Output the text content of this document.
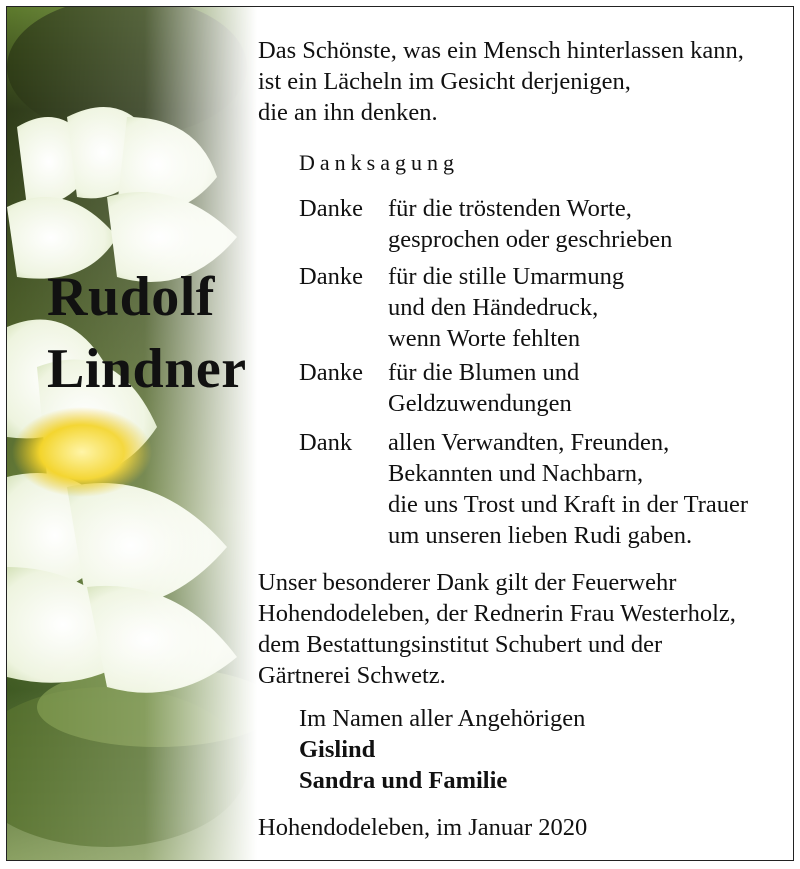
Rudolf
Lindner
Das Schönste, was ein Mensch hinterlassen kann,
ist ein Lächeln im Gesicht derjenigen,
die an ihn denken.
Danksagung
Danke für die tröstenden Worte,
gesprochen oder geschrieben
Danke für die stille Umarmung
und den Händedruck,
wenn Worte fehlten
Danke für die Blumen und
Geldzuwendungen
Dank allen Verwandten, Freunden,
Bekannten und Nachbarn,
die uns Trost und Kraft in der Trauer
um unseren lieben Rudi gaben.
Unser besonderer Dank gilt der Feuerwehr
Hohendodeleben, der Rednerin Frau Westerholz,
dem Bestattungsinstitut Schubert und der
Gärtnerei Schwetz.
Im Namen aller Angehörigen
Gislind
Sandra und Familie
Hohendodeleben, im Januar 2020
